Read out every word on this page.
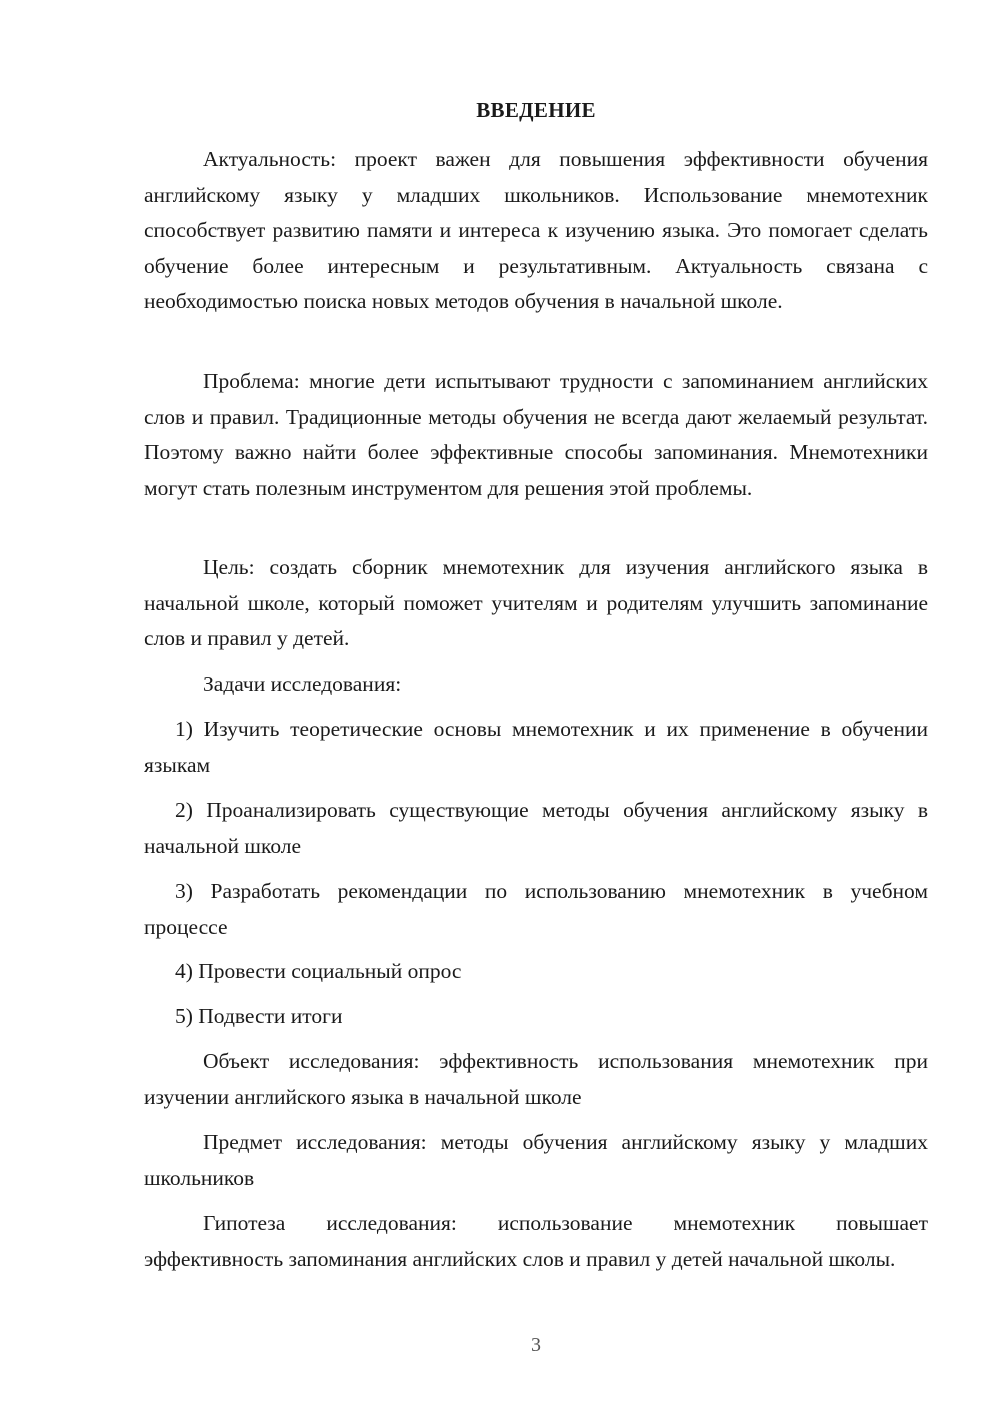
ВВЕДЕНИЕ

Актуальность: проект важен для повышения эффективности обучения английскому языку у младших школьников. Использование мнемотехник способствует развитию памяти и интереса к изучению языка. Это помогает сделать обучение более интересным и результативным. Актуальность связана с необходимостью поиска новых методов обучения в начальной школе.

Проблема: многие дети испытывают трудности с запоминанием английских слов и правил. Традиционные методы обучения не всегда дают желаемый результат. Поэтому важно найти более эффективные способы запоминания. Мнемотехники могут стать полезным инструментом для решения этой проблемы.

Цель: создать сборник мнемотехник для изучения английского языка в начальной школе, который поможет учителям и родителям улучшить запоминание слов и правил у детей.

Задачи исследования:

1) Изучить теоретические основы мнемотехник и их применение в обучении языкам

2) Проанализировать существующие методы обучения английскому языку в начальной школе

3) Разработать рекомендации по использованию мнемотехник в учебном процессе

4) Провести социальный опрос

5) Подвести итоги

Объект исследования: эффективность использования мнемотехник при изучении английского языка в начальной школе

Предмет исследования: методы обучения английскому языку у младших школьников

Гипотеза исследования: использование мнемотехник повышает эффективность запоминания английских слов и правил у детей начальной школы.

3
